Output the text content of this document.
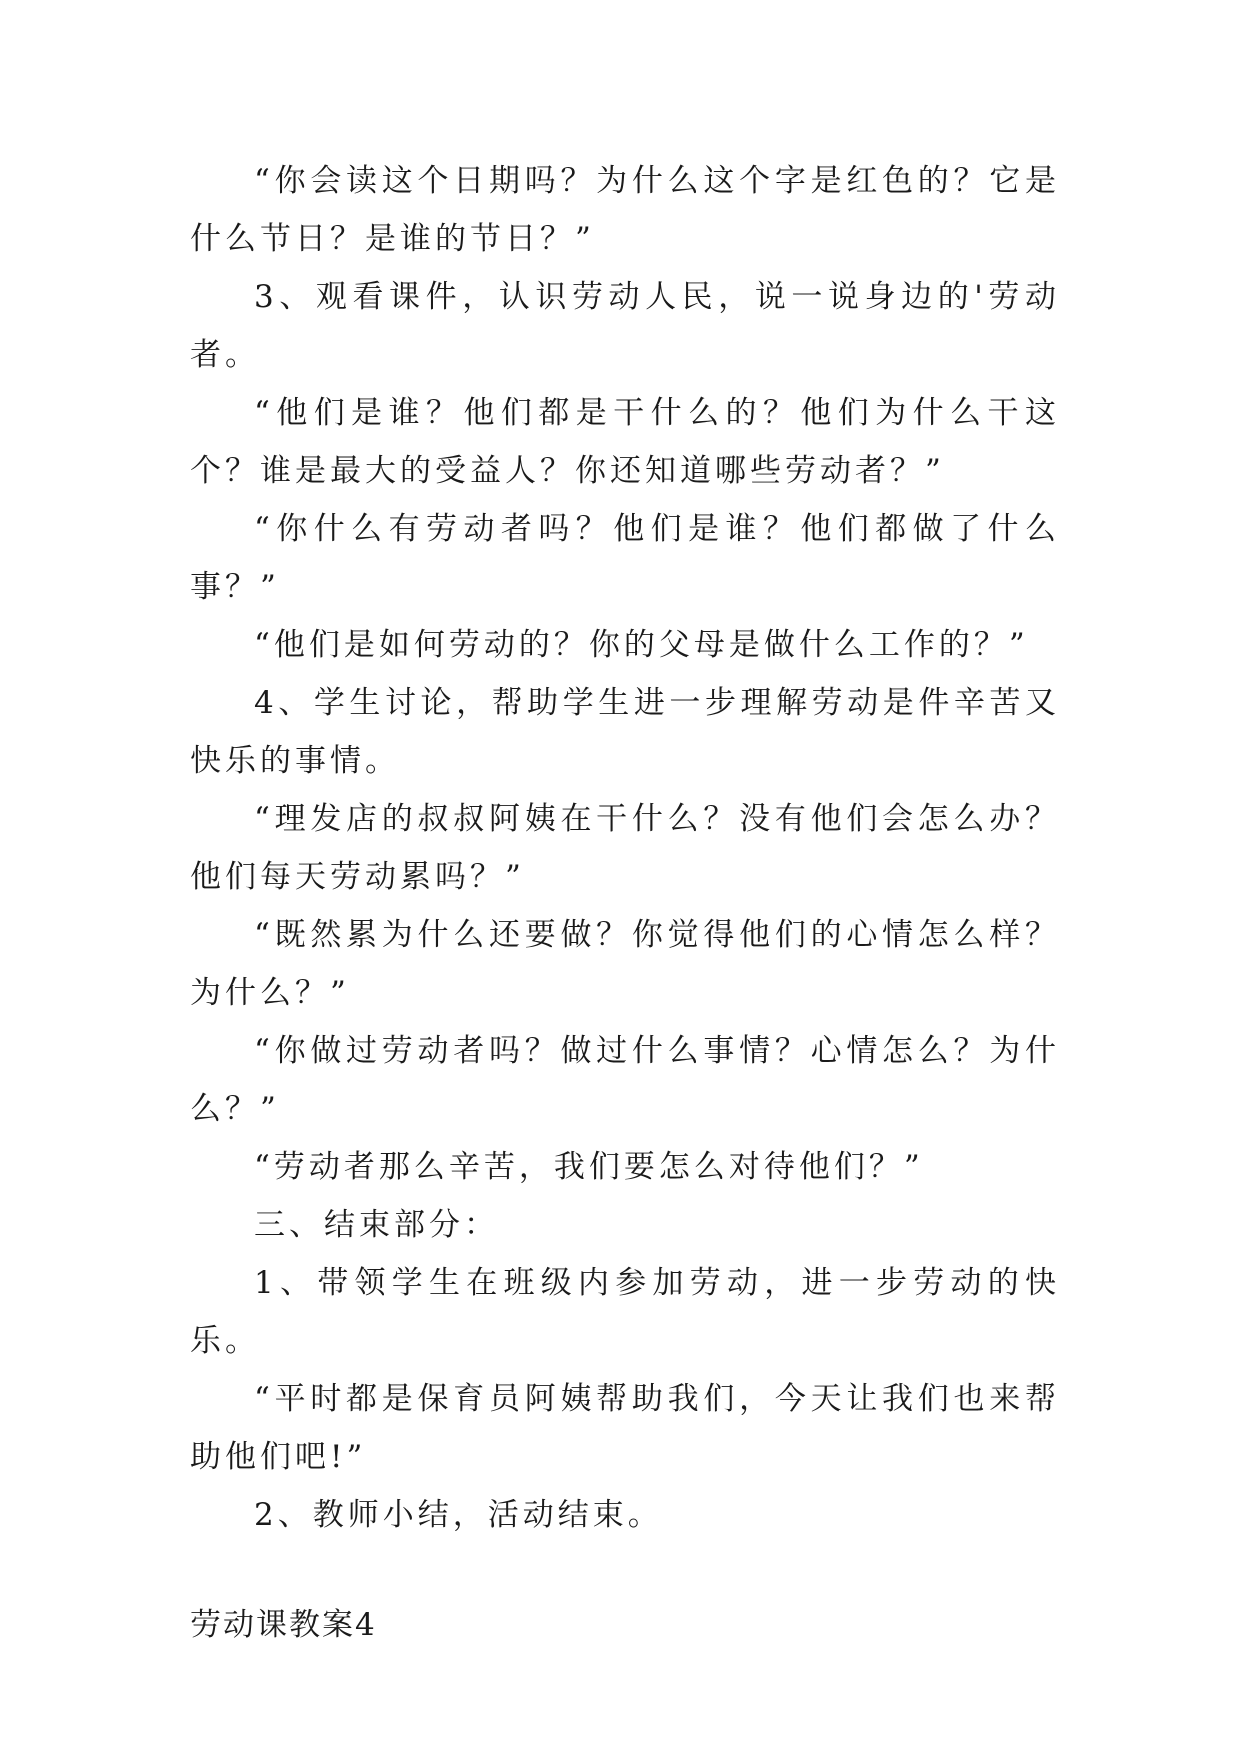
“你会读这个日期吗？为什么这个字是红色的？它是什么节日？是谁的节日？”

3、观看课件，认识劳动人民，说一说身边的'劳动者。

“他们是谁？他们都是干什么的？他们为什么干这个？谁是最大的受益人？你还知道哪些劳动者？”

“你什么有劳动者吗？他们是谁？他们都做了什么事？”

“他们是如何劳动的？你的父母是做什么工作的？”

4、学生讨论，帮助学生进一步理解劳动是件辛苦又快乐的事情。

“理发店的叔叔阿姨在干什么？没有他们会怎么办？他们每天劳动累吗？”

“既然累为什么还要做？你觉得他们的心情怎么样？为什么？”

“你做过劳动者吗？做过什么事情？心情怎么？为什么？”

“劳动者那么辛苦，我们要怎么对待他们？”

三、结束部分：

1、带领学生在班级内参加劳动，进一步劳动的快乐。

“平时都是保育员阿姨帮助我们，今天让我们也来帮助他们吧!”

2、教师小结，活动结束。

劳动课教案4
